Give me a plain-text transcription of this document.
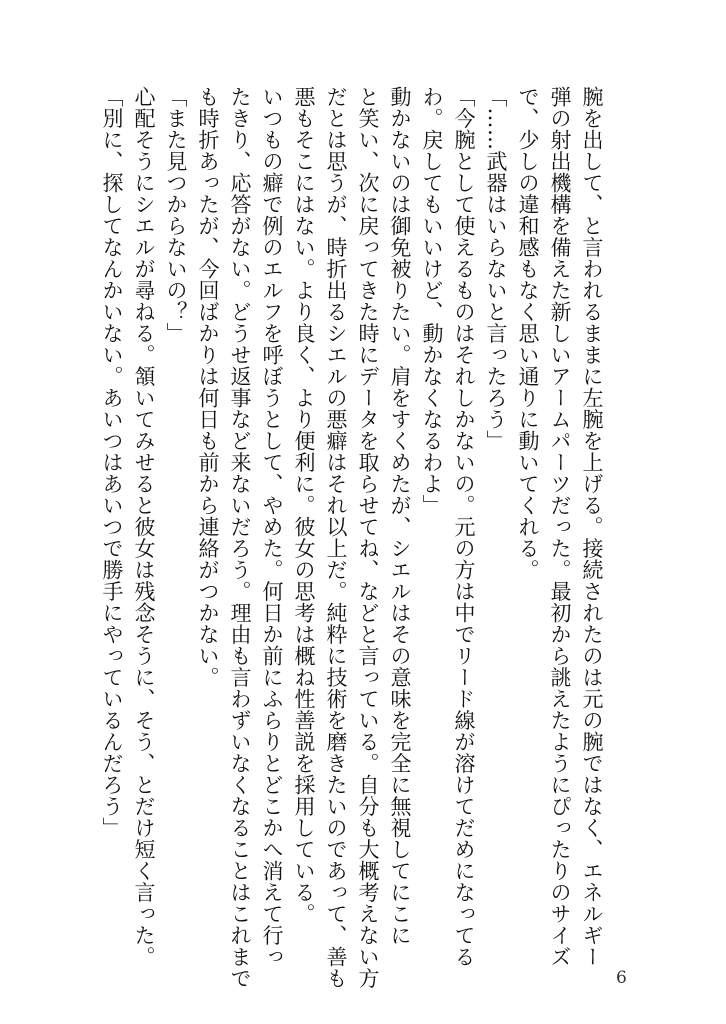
腕を出して、と言われるままに左腕を上げる。接続されたのは元の腕ではなく、エネルギー
弾の射出機構を備えた新しいアームパーツだった。最初から誂えたようにぴったりのサイズ
で、少しの違和感もなく思い通りに動いてくれる。
「……武器はいらないと言ったろう」
「今腕として使えるものはそれしかないの。元の方は中でリード線が溶けてだめになってる
わ。戻してもいいけど、動かなくなるわよ」
動かないのは御免被りたい。肩をすくめたが、シエルはその意味を完全に無視してにこに
と笑い、次に戻ってきた時にデータを取らせてね、などと言っている。自分も大概考えない方
だとは思うが、時折出るシエルの悪癖はそれ以上だ。純粋に技術を磨きたいのであって、善も
悪もそこにはない。より良く、より便利に。彼女の思考は概ね性善説を採用している。
いつもの癖で例のエルフを呼ぼうとして、やめた。何日か前にふらりとどこかへ消えて行っ
たきり、応答がない。どうせ返事など来ないだろう。理由も言わずいなくなることはこれまで
も時折あったが、今回ばかりは何日も前から連絡がつかない。
「また見つからないの？」
心配そうにシエルが尋ねる。頷いてみせると彼女は残念そうに、そう、とだけ短く言った。
「別に、探してなんかいない。あいつはあいつで勝手にやっているんだろう」
6
